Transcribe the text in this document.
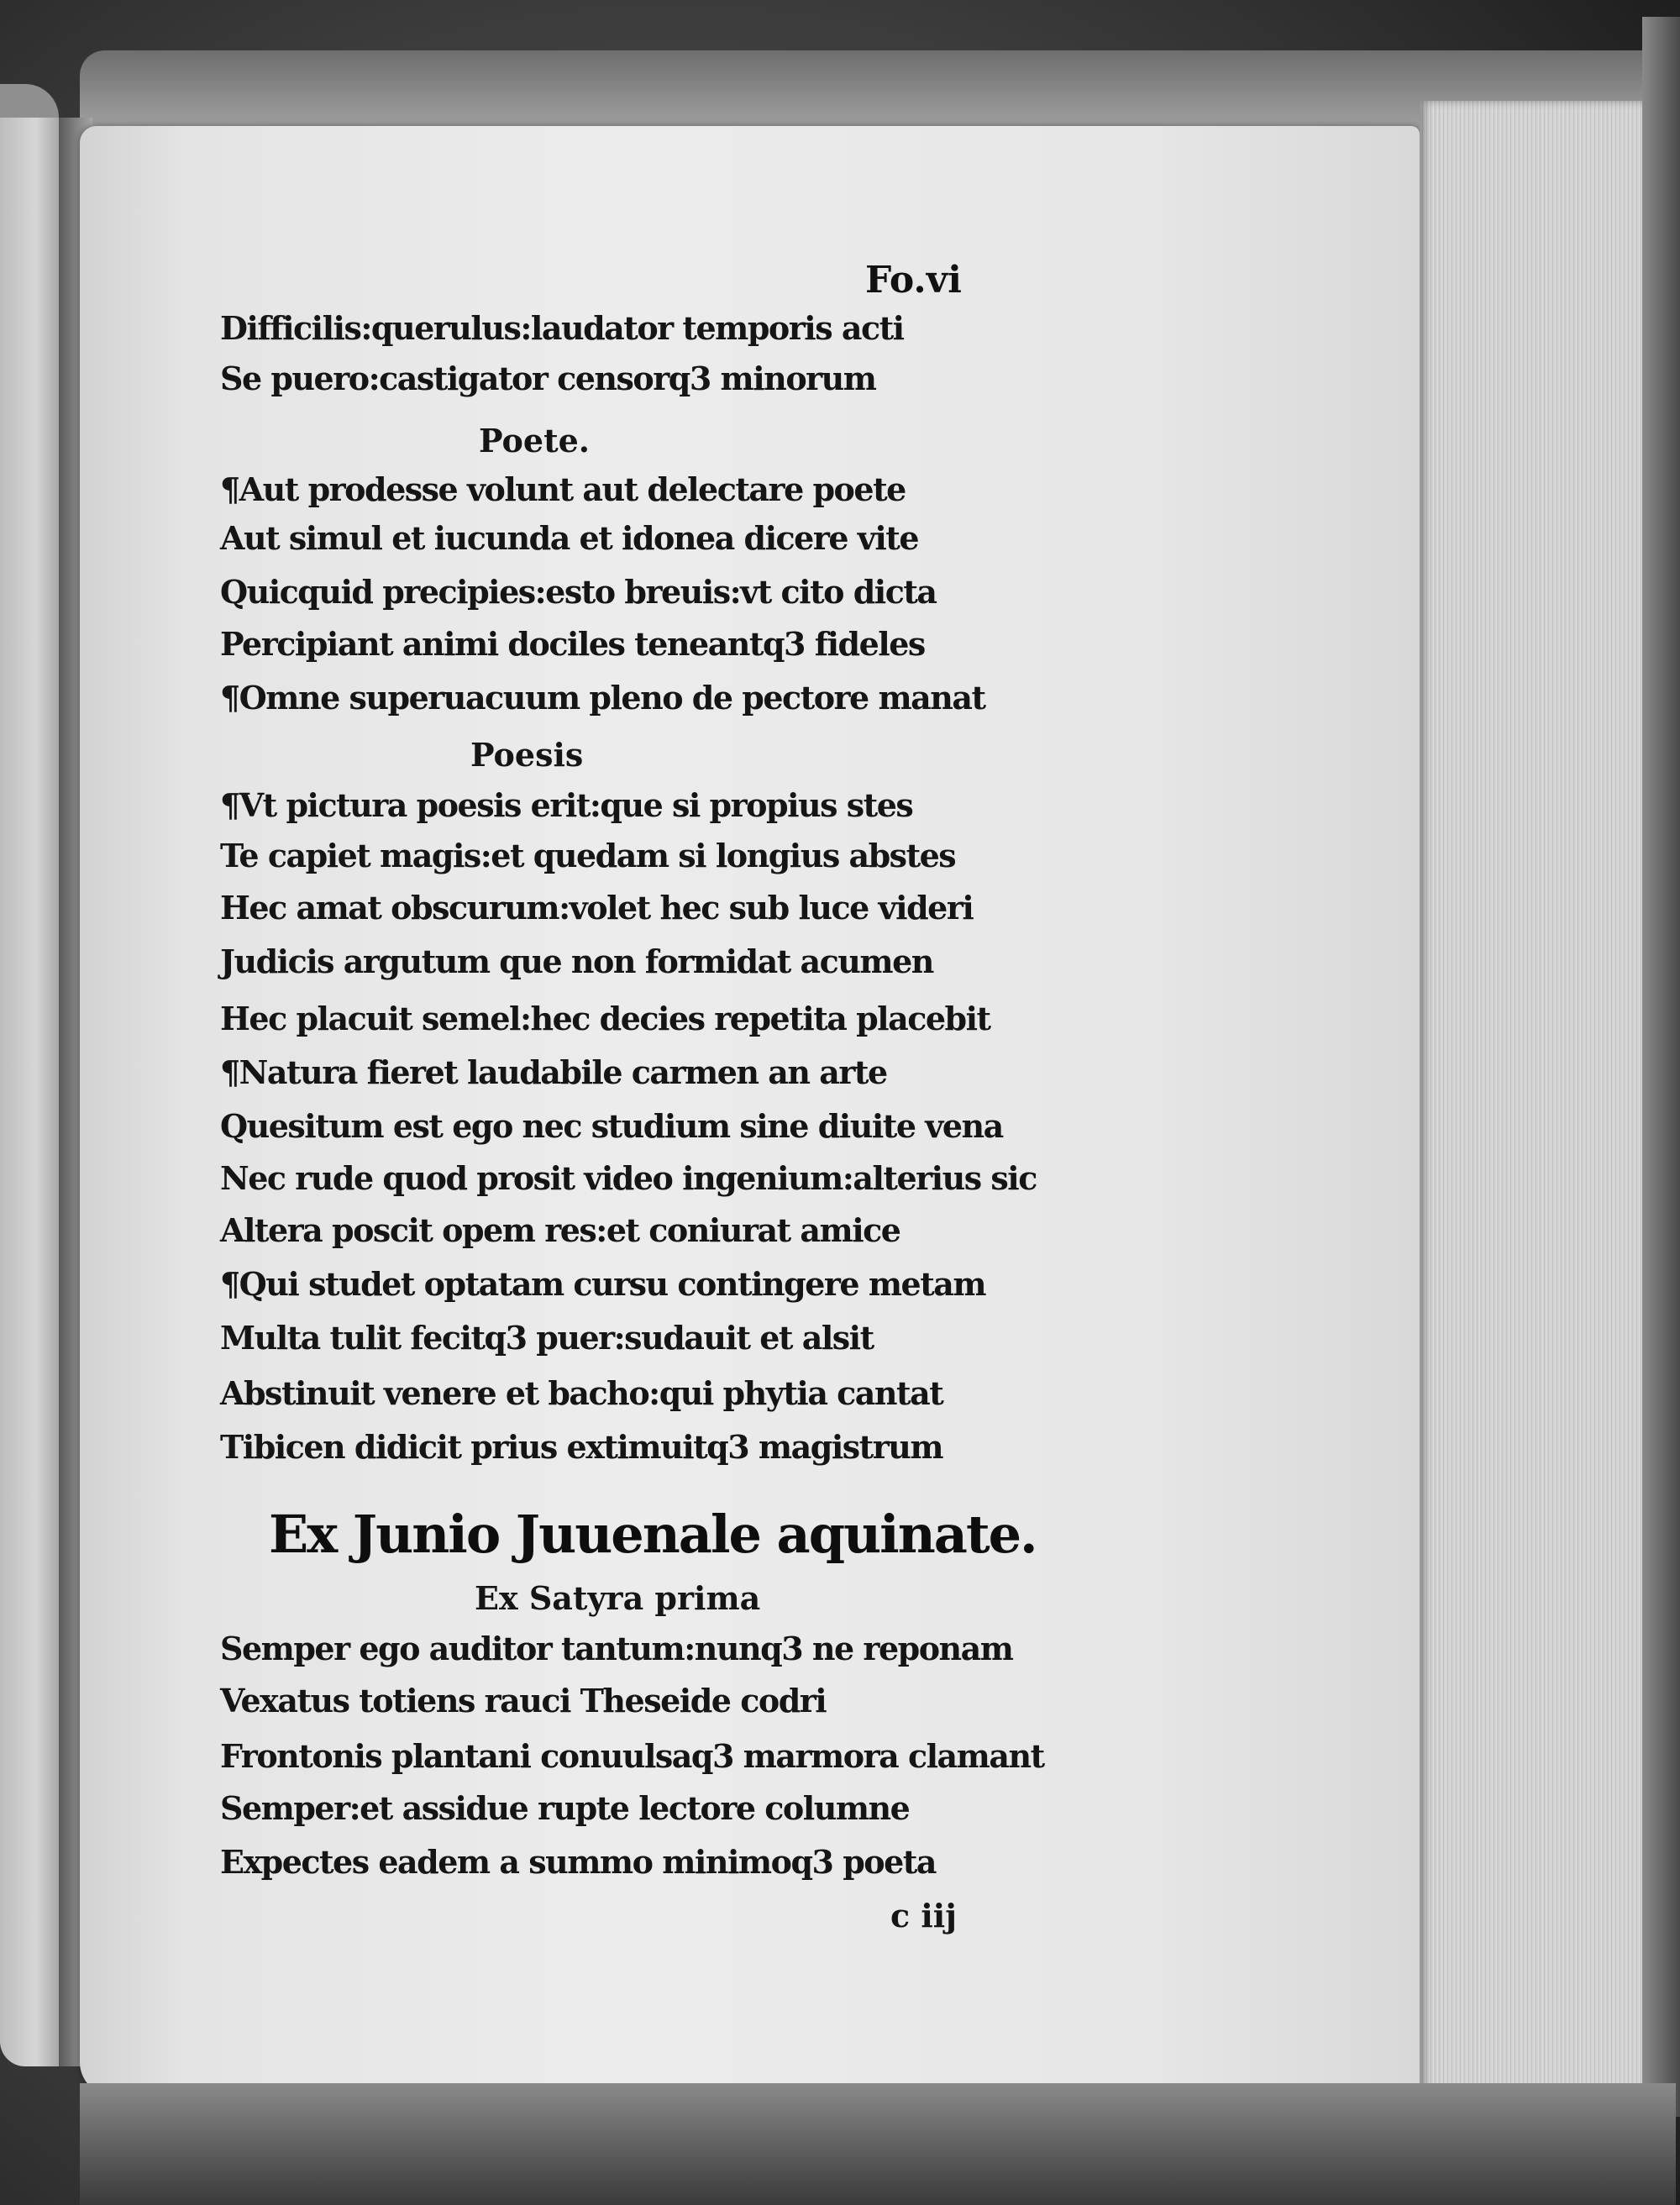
Fo.vi
Difficilis:querulus:laudator temporis acti
Se puero:castigator censorq3 minorum
Poete.
¶Aut prodesse volunt aut delectare poete
Aut simul et iucunda et idonea dicere vite
Quicquid precipies:esto breuis:vt cito dicta
Percipiant animi dociles teneantq3 fideles
¶Omne superuacuum pleno de pectore manat
Poesis
¶Vt pictura poesis erit:que si propius stes
Te capiet magis:et quedam si longius abstes
Hec amat obscurum:volet hec sub luce videri
Judicis argutum que non formidat acumen
Hec placuit semel:hec decies repetita placebit
¶Natura fieret laudabile carmen an arte
Quesitum est ego nec studium sine diuite vena
Nec rude quod prosit video ingenium:alterius sic
Altera poscit opem res:et coniurat amice
¶Qui studet optatam cursu contingere metam
Multa tulit fecitq3 puer:sudauit et alsit
Abstinuit venere et bacho:qui phytia cantat
Tibicen didicit prius extimuitq3 magistrum
Ex Junio Juuenale aquinate.
Ex Satyra prima
Semper ego auditor tantum:nunq3 ne reponam
Vexatus totiens rauci Theseide codri
Frontonis plantani conuulsaq3 marmora clamant
Semper:et assidue rupte lectore columne
Expectes eadem a summo minimoq3 poeta
c iij
